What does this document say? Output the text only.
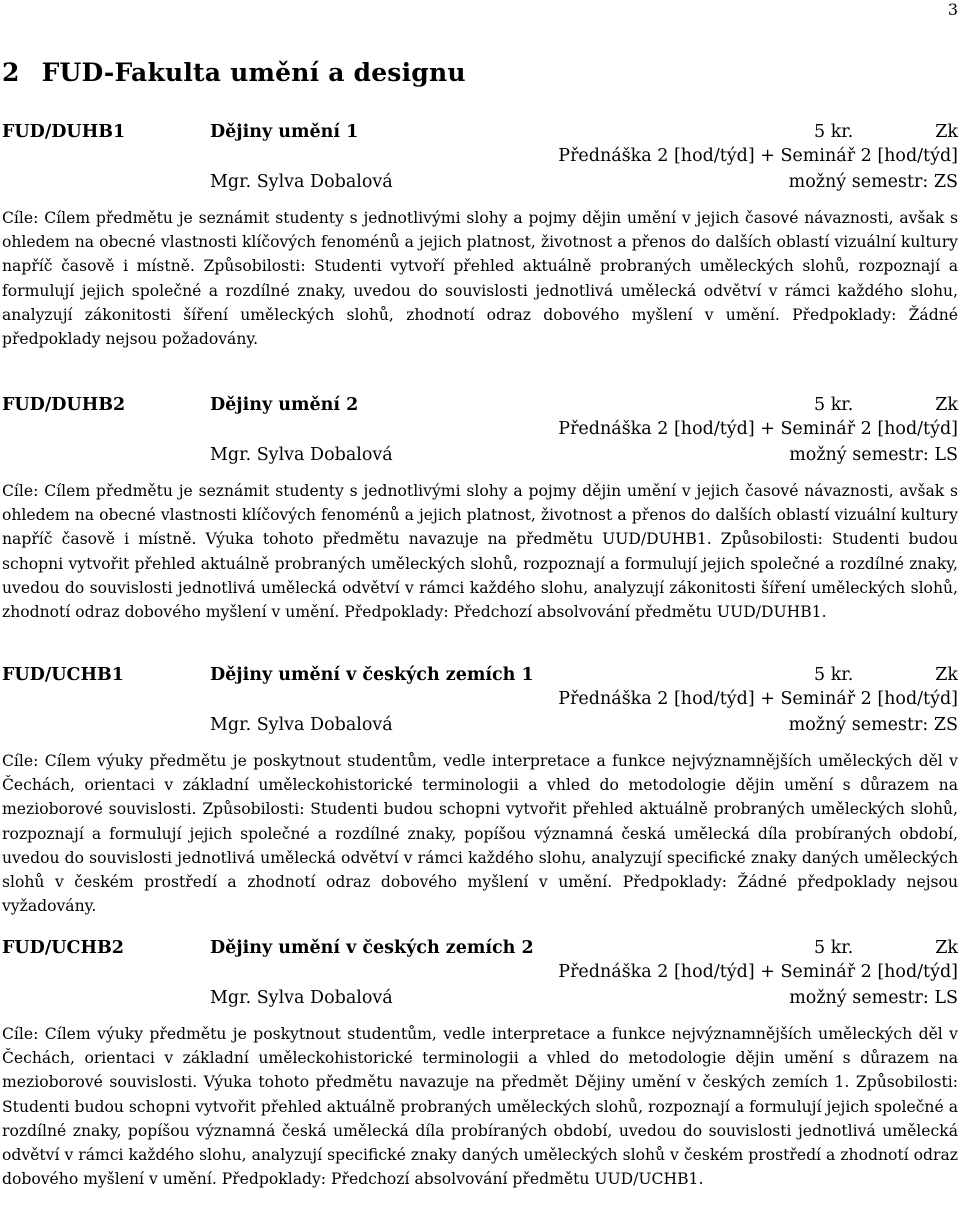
3
2 FUD-Fakulta umění a designu
FUD/DUHB1	Dějiny umění 1	5 kr.	Zk
Přednáška 2 [hod/týd] + Seminář 2 [hod/týd]
Mgr. Sylva Dobalová	možný semestr: ZS

Cíle: Cílem předmětu je seznámit studenty s jednotlivými slohy a pojmy dějin umění v jejich časové návaznosti, avšak s ohledem na obecné vlastnosti klíčových fenoménů a jejich platnost, životnost a přenos do dalších oblastí vizuální kultury napříč časově i místně. Způsobilosti: Studenti vytvoří přehled aktuálně probraných uměleckých slohů, rozpoznají a formulují jejich společné a rozdílné znaky, uvedou do souvislosti jednotlivá umělecká odvětví v rámci každého slohu, analyzují zákonitosti šíření uměleckých slohů, zhodnotí odraz dobového myšlení v umění. Předpoklady: Žádné předpoklady nejsou požadovány.

FUD/DUHB2	Dějiny umění 2	5 kr.	Zk
Přednáška 2 [hod/týd] + Seminář 2 [hod/týd]
Mgr. Sylva Dobalová	možný semestr: LS

Cíle: Cílem předmětu je seznámit studenty s jednotlivými slohy a pojmy dějin umění v jejich časové návaznosti, avšak s ohledem na obecné vlastnosti klíčových fenoménů a jejich platnost, životnost a přenos do dalších oblastí vizuální kultury napříč časově i místně. Výuka tohoto předmětu navazuje na předmětu UUD/DUHB1. Způsobilosti: Studenti budou schopni vytvořit přehled aktuálně probraných uměleckých slohů, rozpoznají a formulují jejich společné a rozdílné znaky, uvedou do souvislosti jednotlivá umělecká odvětví v rámci každého slohu, analyzují zákonitosti šíření uměleckých slohů, zhodnotí odraz dobového myšlení v umění. Předpoklady: Předchozí absolvování předmětu UUD/DUHB1.

FUD/UCHB1	Dějiny umění v českých zemích 1	5 kr.	Zk
Přednáška 2 [hod/týd] + Seminář 2 [hod/týd]
Mgr. Sylva Dobalová	možný semestr: ZS

Cíle: Cílem výuky předmětu je poskytnout studentům, vedle interpretace a funkce nejvýznamnějších uměleckých děl v Čechách, orientaci v základní uměleckohistorické terminologii a vhled do metodologie dějin umění s důrazem na mezioborové souvislosti. Způsobilosti: Studenti budou schopni vytvořit přehled aktuálně probraných uměleckých slohů, rozpoznají a formulují jejich společné a rozdílné znaky, popíšou významná česká umělecká díla probíraných období, uvedou do souvislosti jednotlivá umělecká odvětví v rámci každého slohu, analyzují specifické znaky daných uměleckých slohů v českém prostředí a zhodnotí odraz dobového myšlení v umění. Předpoklady: Žádné předpoklady nejsou vyžadovány.

FUD/UCHB2	Dějiny umění v českých zemích 2	5 kr.	Zk
Přednáška 2 [hod/týd] + Seminář 2 [hod/týd]
Mgr. Sylva Dobalová	možný semestr: LS

Cíle: Cílem výuky předmětu je poskytnout studentům, vedle interpretace a funkce nejvýznamnějších uměleckých děl v Čechách, orientaci v základní uměleckohistorické terminologii a vhled do metodologie dějin umění s důrazem na mezioborové souvislosti. Výuka tohoto předmětu navazuje na předmět Dějiny umění v českých zemích 1. Způsobilosti: Studenti budou schopni vytvořit přehled aktuálně probraných uměleckých slohů, rozpoznají a formulují jejich společné a rozdílné znaky, popíšou významná česká umělecká díla probíraných období, uvedou do souvislosti jednotlivá umělecká odvětví v rámci každého slohu, analyzují specifické znaky daných uměleckých slohů v českém prostředí a zhodnotí odraz dobového myšlení v umění. Předpoklady: Předchozí absolvování předmětu UUD/UCHB1.
